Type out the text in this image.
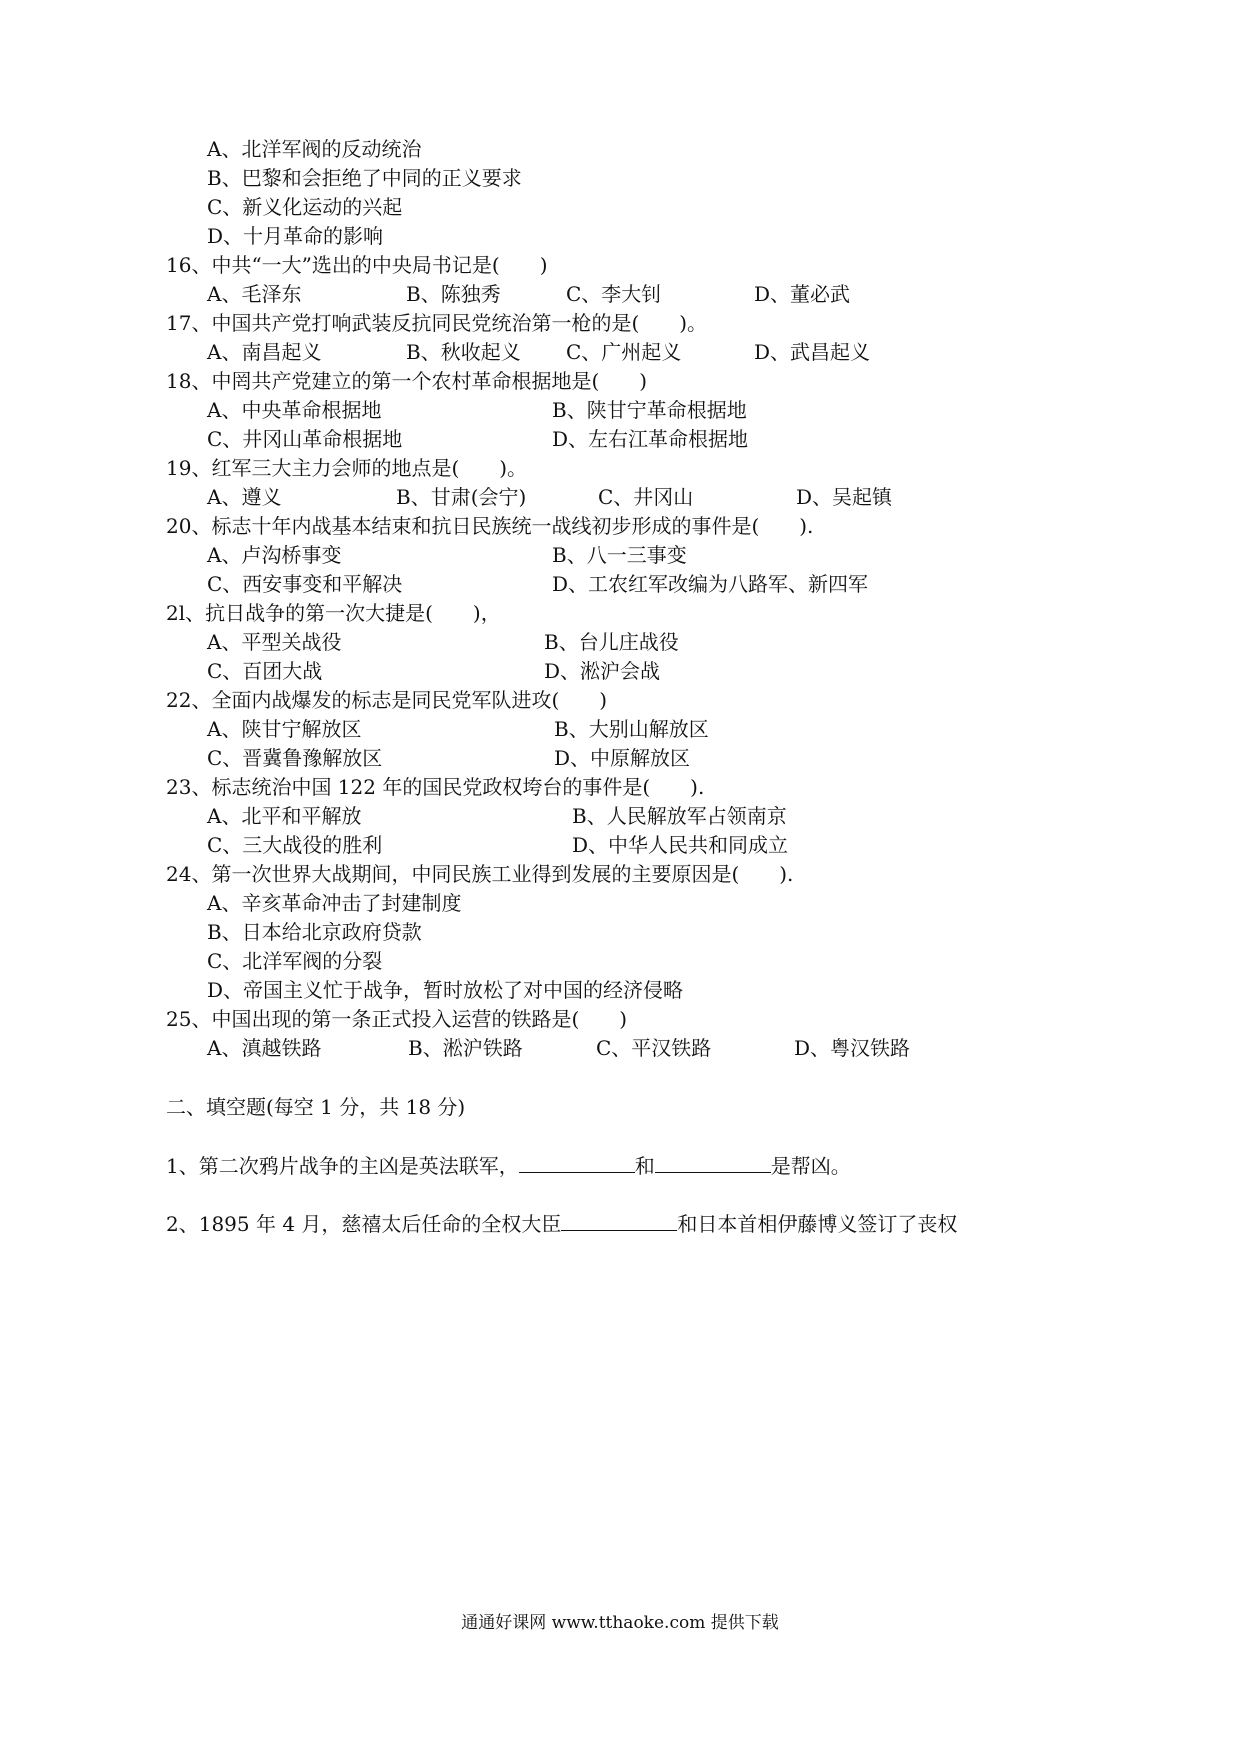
A、北洋军阀的反动统治
B、巴黎和会拒绝了中同的正义要求
C、新义化运动的兴起
D、十月革命的影响
16、中共“一大”选出的中央局书记是(　　)
A、毛泽东	B、陈独秀	C、李大钊	D、董必武
17、中国共产党打响武装反抗同民党统治第一枪的是(　　)。
A、南昌起义	B、秋收起义 C、广州起义	D、武昌起义
18、中罔共产党建立的第一个农村革命根据地是(　　)
A、中央革命根据地	B、陕甘宁革命根据地
C、井冈山革命根据地	D、左右江革命根据地
19、红军三大主力会师的地点是(　　)。
A、遵义	B、甘肃(会宁)	C、井冈山	D、吴起镇
20、标志十年内战基本结束和抗日民族统一战线初步形成的事件是(　　).
A、卢沟桥事变	B、八一三事变
C、西安事变和平解决	D、工农红军改编为八路军、新四军
2l、抗日战争的第一次大捷是(　　)，
A、平型关战役	B、台儿庄战役
C、百团大战	D、淞沪会战
22、全面内战爆发的标志是同民党军队进攻(　　)
A、陕甘宁解放区	B、大别山解放区
C、晋冀鲁豫解放区	D、中原解放区
23、标志统治中国 122 年的国民党政权垮台的事件是(　　).
A、北平和平解放	B、人民解放军占领南京
C、三大战役的胜利	D、中华人民共和同成立
24、第一次世界大战期间，中同民族工业得到发展的主要原因是(　　).
A、辛亥革命冲击了封建制度
B、日本给北京政府贷款
C、北洋军阀的分裂
D、帝国主义忙于战争，暂时放松了对中国的经济侵略
25、中国出现的第一条正式投入运营的铁路是(　　)
A、滇越铁路	B、淞沪铁路	C、平汉铁路	D、粤汉铁路
二、填空题(每空 1 分，共 18 分)
1、第二次鸦片战争的主凶是英法联军，	和	是帮凶。
2、1895 年 4 月，慈禧太后任命的全权大臣	和日本首相伊藤博义签订了丧权
通通好课网 www.tthaoke.com 提供下载
